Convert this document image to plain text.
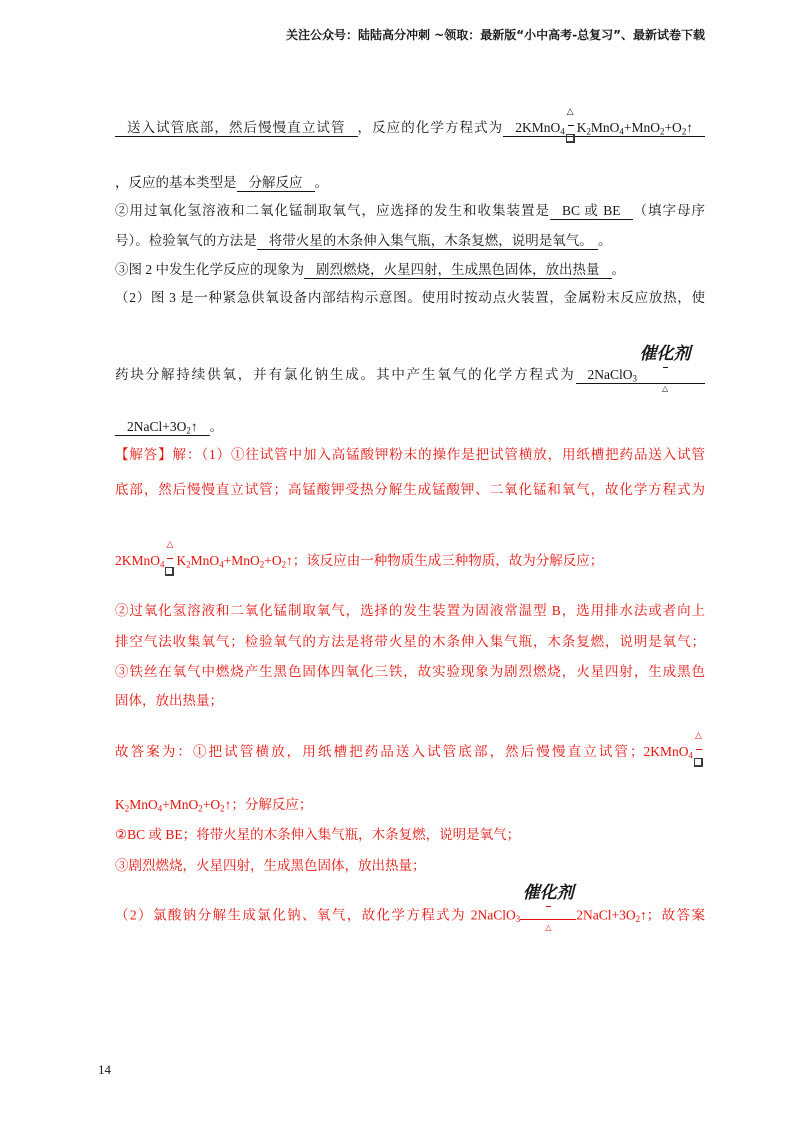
关注公众号：陆陆高分冲刺 ~领取：最新版“小中高考-总复习”、最新试卷下载
送入试管底部，然后慢慢直立试管 ，反应的化学方程式为 2KMnO$_4$
△
$K_2MnO_4+MnO_2+O_2↑$
，反应的基本类型是 分解反应 。
②用过氧化氢溶液和二氧化锰制取氧气，应选择的发生和收集装置是 BC 或 BE （填字母序
号）。检验氧气的方法是 将带火星的木条伸入集气瓶，木条复燃，说明是氧气。 。
③图 2 中发生化学反应的现象为 剧烈燃烧，火星四射，生成黑色固体，放出热量 。
（2）图 3 是一种紧急供氧设备内部结构示意图。使用时按动点火装置，金属粉末反应放热，使
药块分解持续供氧，并有氯化钠生成。其中产生氧气的化学方程式为 2NaClO$_3$
催化剂
△
$2NaCl+3O_2↑$ 。
【解答】解：（1）①往试管中加入高锰酸钾粉末的操作是把试管横放，用纸槽把药品送入试管
底部，然后慢慢直立试管；高锰酸钾受热分解生成锰酸钾、二氧化锰和氧气，故化学方程式为
2KMnO$_4$
△
$K_2MnO_4+MnO_2+O_2↑$；该反应由一种物质生成三种物质，故为分解反应；
②过氧化氢溶液和二氧化锰制取氧气，选择的发生装置为固液常温型 B，选用排水法或者向上
排空气法收集氧气；检验氧气的方法是将带火星的木条伸入集气瓶，木条复燃，说明是氧气；
③铁丝在氧气中燃烧产生黑色固体四氧化三铁，故实验现象为剧烈燃烧，火星四射，生成黑色
固体，放出热量；
故答案为：①把试管横放，用纸槽把药品送入试管底部，然后慢慢直立试管；2KMnO$_4$
△
$K_2MnO_4+MnO_2+O_2↑$；分解反应；
②BC 或 BE；将带火星的木条伸入集气瓶，木条复燃，说明是氧气；
③剧烈燃烧，火星四射，生成黑色固体，放出热量；
（2）氯酸钠分解生成氯化钠、氧气，故化学方程式为 2NaClO$_3$
催化剂
△
$2NaCl+3O_2↑$；故答案
14
